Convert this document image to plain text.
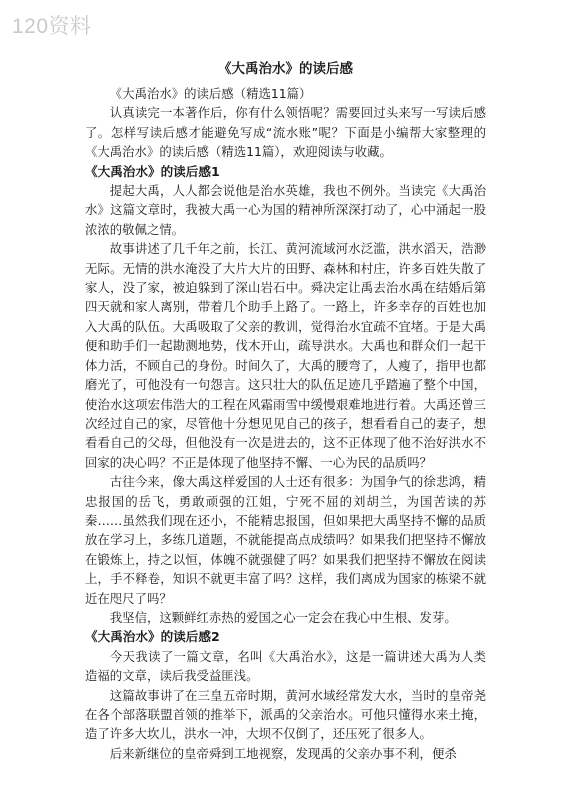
120资料
《大禹治水》的读后感

《大禹治水》的读后感（精选11篇）

认真读完一本著作后，你有什么领悟呢？需要回过头来写一写读后感了。怎样写读后感才能避免写成“流水账”呢？下面是小编帮大家整理的《大禹治水》的读后感（精选11篇），欢迎阅读与收藏。

《大禹治水》的读后感1

提起大禹，人人都会说他是治水英雄，我也不例外。当读完《大禹治水》这篇文章时，我被大禹一心为国的精神所深深打动了，心中涌起一股浓浓的敬佩之情。

故事讲述了几千年之前，长江、黄河流域河水泛滥，洪水滔天，浩渺无际。无情的洪水淹没了大片大片的田野、森林和村庄，许多百姓失散了家人，没了家，被迫躲到了深山岩石中。舜决定让禹去治水禹在结婚后第四天就和家人离别，带着几个助手上路了。一路上，许多幸存的百姓也加入大禹的队伍。大禹吸取了父亲的教训，觉得治水宜疏不宜堵。于是大禹便和助手们一起勘测地势，伐木开山，疏导洪水。大禹也和群众们一起干体力活，不顾自己的身份。时间久了，大禹的腰弯了，人瘦了，指甲也都磨光了，可他没有一句怨言。这只壮大的队伍足迹几乎踏遍了整个中国，使治水这项宏伟浩大的工程在风霜雨雪中缓慢艰难地进行着。大禹还曾三次经过自己的家，尽管他十分想见见自己的孩子，想看看自己的妻子，想看看自己的父母，但他没有一次是进去的，这不正体现了他不治好洪水不回家的决心吗？不正是体现了他坚持不懈、一心为民的品质吗？

古往今来，像大禹这样爱国的人士还有很多：为国争气的徐悲鸿，精忠报国的岳飞，勇敢顽强的江姐，宁死不屈的刘胡兰，为国苦读的苏秦……虽然我们现在还小，不能精忠报国，但如果把大禹坚持不懈的品质放在学习上，多练几道题，不就能提高点成绩吗？如果我们把坚持不懈放在锻炼上，持之以恒，体魄不就强健了吗？如果我们把坚持不懈放在阅读上，手不释卷，知识不就更丰富了吗？这样，我们离成为国家的栋梁不就近在咫尺了吗？

我坚信，这颗鲜红赤热的爱国之心一定会在我心中生根、发芽。

《大禹治水》的读后感2

今天我读了一篇文章，名叫《大禹治水》，这是一篇讲述大禹为人类造福的文章，读后我受益匪浅。

这篇故事讲了在三皇五帝时期，黄河水域经常发大水，当时的皇帝尧在各个部落联盟首领的推举下，派禹的父亲治水。可他只懂得水来土掩，造了许多大坎儿，洪水一冲，大坝不仅倒了，还压死了很多人。

后来新继位的皇帝舜到工地视察，发现禹的父亲办事不利，便杀
